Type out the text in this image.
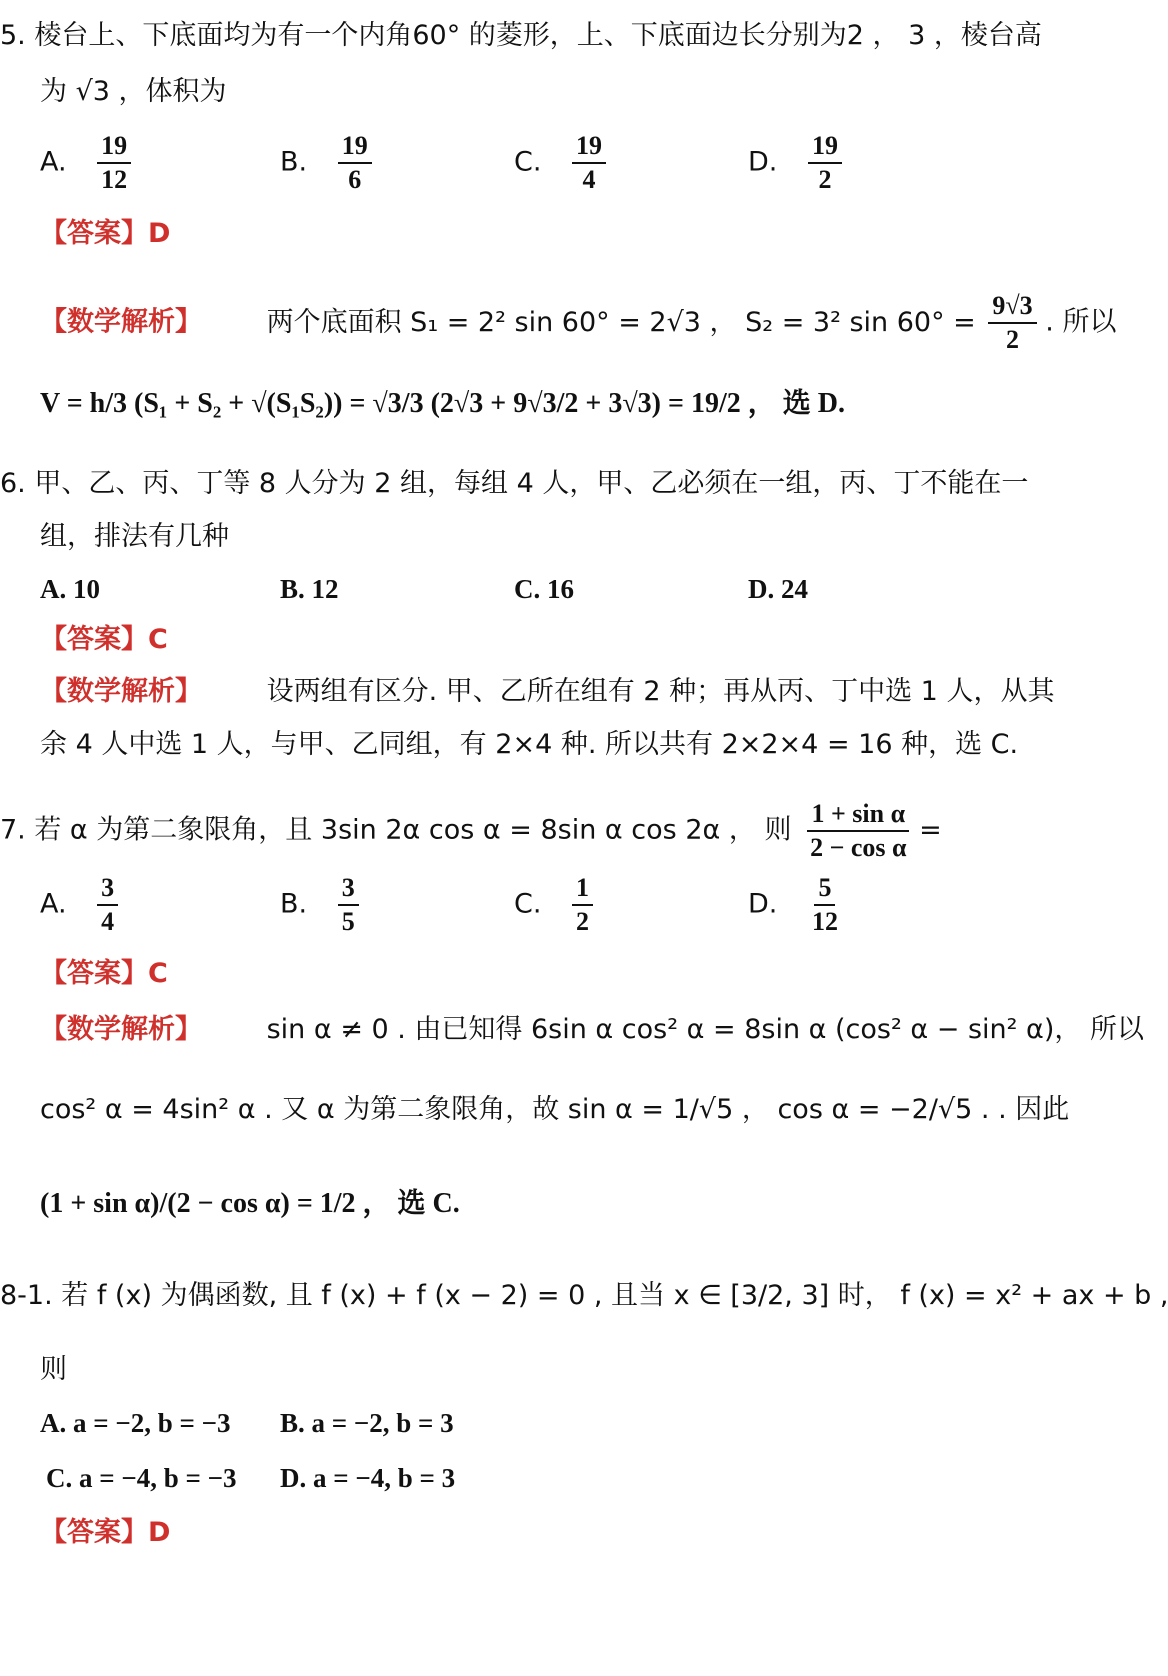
5. 棱台上、下底面均为有一个内角60° 的菱形，上、下底面边长分别为2 ， 3 ，棱台高
为 √3 ，体积为
A. $\frac{19}{12}$	B. $\frac{19}{6}$	C. $\frac{19}{4}$	D. $\frac{19}{2}$
【答案】D
【数学解析】 两个底面积 S₁ = 2² sin 60° = 2√3 ， S₂ = 3² $\sin 60^\circ = \frac{9√3}{2}$ . 所以
V = h/3 (S₁ + S₂ + √(S₁S₂)) = √3/3 (2√3 + 9√3/2 + 3√3) = 19/2 ， 选 D.
6. 甲、乙、丙、丁等 8 人分为 2 组，每组 4 人，甲、乙必须在一组，丙、丁不能在一
组，排法有几种
A. 10	B. 12	C. 16	D. 24
【答案】C
【数学解析】 设两组有区分. 甲、乙所在组有 2 种；再从丙、丁中选 1 人，从其
余 4 人中选 1 人，与甲、乙同组，有 2×4 种. 所以共有 2×2×4 = 16 种，选 C.
7. 若 α 为第二象限角，且 3sin 2α cos α = 8sin α cos 2α ， 则 $\frac{\text{1 + sin α}}{\text{2 − cos α}}$ =
A. $\frac{3}{4}$	B. $\frac{3}{5}$	C. $\frac{1}{2}$	D. $\frac{5}{12}$
【答案】C
【数学解析】 sin α ≠ 0 . 由已知得 6sin α cos² α = 8sin α (cos² α − sin² α)， 所以
cos² α = 4sin² α . 又 α 为第二象限角，故 sin α = 1/√5 ， cos α = −2/√5 . . 因此
(1 + sin α)/(2 − cos α) = 1/2 ， 选 C.
8-1. 若 f (x) 为偶函数, 且 f (x) + f (x − 2) = 0 , 且当 x ∈ [3/2, 3] 时， f (x) = x² + ax + b ,
则
A. a = −2, b = −3 B. a = −2, b = 3
C. a = −4, b = −3 D. a = −4, b = 3
【答案】D
